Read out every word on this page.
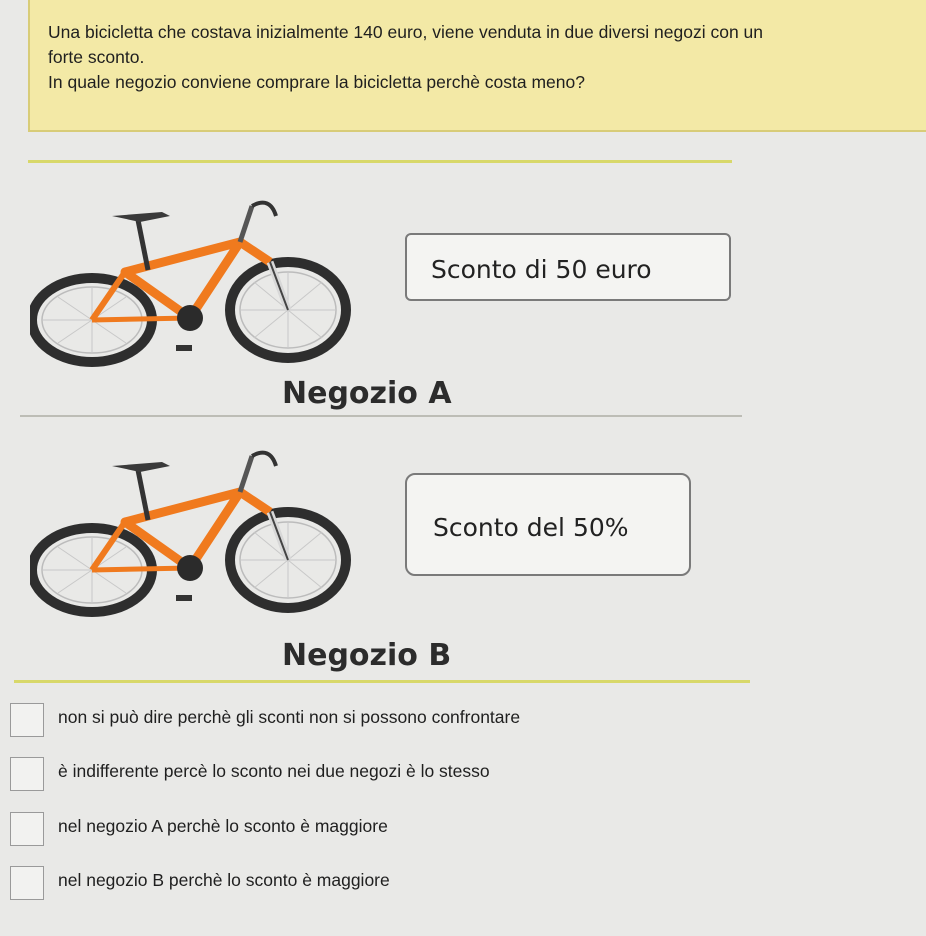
Una bicicletta che costava inizialmente 140 euro, viene venduta in due diversi negozi con un
forte sconto.
In quale negozio conviene comprare la bicicletta perchè costa meno?

Sconto di 50 euro
Negozio A
Sconto del 50%
Negozio B
non si può dire perchè gli sconti non si possono confrontare
è indifferente percè lo sconto nei due negozi è lo stesso
nel negozio A perchè lo sconto è maggiore
nel negozio B perchè lo sconto è maggiore
